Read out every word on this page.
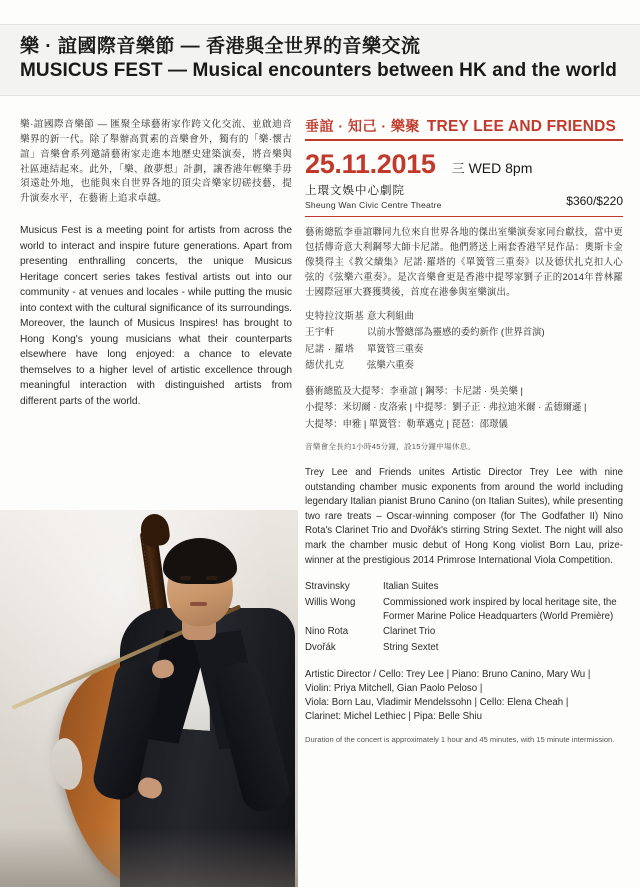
樂 · 誼國際音樂節 — 香港與全世界的音樂交流
MUSICUS FEST — Musical encounters between HK and the world
樂·誼國際音樂節 — 匯聚全球藝術家作跨文化交流、並啟迪音樂界的新一代。除了舉辦高質素的音樂會外，獨有的「樂·懷古誼」音樂會系列邀請藝術家走進本地歷史建築演奏，將音樂與社區連結起來。此外，「樂、啟夢想」計劃，讓香港年輕樂手毋須遠赴外地，也能與來自世界各地的頂尖音樂家切磋技藝，提升演奏水平，在藝術上追求卓越。
Musicus Fest is a meeting point for artists from across the world to interact and inspire future generations. Apart from presenting enthralling concerts, the unique Musicus Heritage concert series takes festival artists out into our community - at venues and locales - while putting the music into context with the cultural significance of its surroundings. Moreover, the launch of Musicus Inspires! has brought to Hong Kong's young musicians what their counterparts elsewhere have long enjoyed: a chance to elevate themselves to a higher level of artistic excellence through meaningful interaction with distinguished artists from different parts of the world.
垂誼 · 知己 · 樂聚 TREY LEE AND FRIENDS
25.11.2015 三 WED 8pm
上環文娛中心劇院
Sheung Wan Civic Centre Theatre	$360/$220
藝術總監李垂誼聯同九位來自世界各地的傑出室樂演奏家同台獻技，當中更包括傳奇意大利鋼琴大師卡尼諾。他們將送上兩套香港罕見作品：奧斯卡金像獎得主《教父續集》尼諾·羅塔的《單簧管三重奏》以及德伏扎克扣人心弦的《弦樂六重奏》。是次音樂會更是香港中提琴家劉子正的2014年普林羅士國際冠軍大賽獲獎後，首度在港參與室樂演出。
史特拉汶斯基 意大利組曲
王宇軒	以前水警總部為靈感的委約新作 (世界首演)
尼諾 · 羅塔	單簧管三重奏
德伏扎克	弦樂六重奏
藝術總監及大提琴：李垂誼 | 鋼琴：卡尼諾 · 吳美樂 |
小提琴：米切爾 · 皮洛索 | 中提琴：劉子正 · 弗拉迪米爾 · 孟德爾遜 |
大提琴：申雅 | 單簧管：勒華邁克 | 琵琶：邵璟儀
音樂會全長約1小時45分鐘，設15分鐘中場休息。
Trey Lee and Friends unites Artistic Director Trey Lee with nine outstanding chamber music exponents from around the world including legendary Italian pianist Bruno Canino (on Italian Suites), while presenting two rare treats – Oscar-winning composer (for The Godfather II) Nino Rota's Clarinet Trio and Dvořák's stirring String Sextet. The night will also mark the chamber music debut of Hong Kong violist Born Lau, prize-winner at the prestigious 2014 Primrose International Viola Competition.
Stravinsky	Italian Suites
Willis Wong	Commissioned work inspired by local heritage site, the Former Marine Police Headquarters (World Première)
Nino Rota	Clarinet Trio
Dvořák	String Sextet
Artistic Director / Cello: Trey Lee | Piano: Bruno Canino, Mary Wu |
Violin: Priya Mitchell, Gian Paolo Peloso |
Viola: Born Lau, Vladimir Mendelssohn | Cello: Elena Cheah |
Clarinet: Michel Lethiec | Pipa: Belle Shiu
Duration of the concert is approximately 1 hour and 45 minutes, with 15 minute intermission.
